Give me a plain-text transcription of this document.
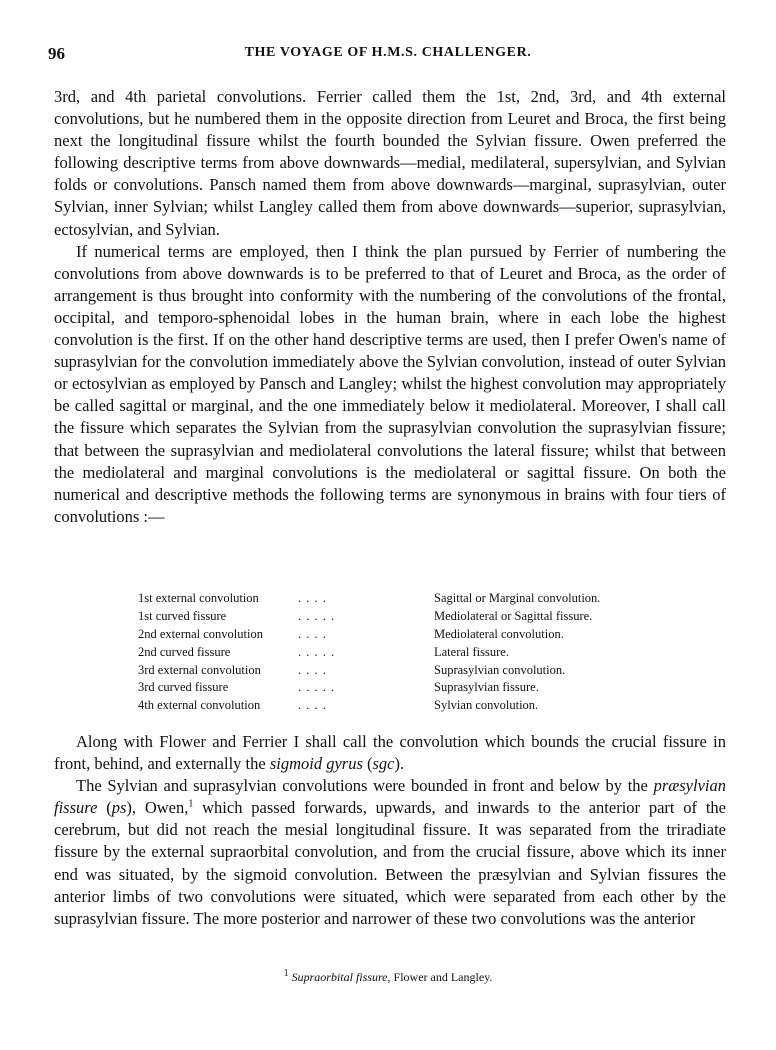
96	THE VOYAGE OF H.M.S. CHALLENGER.

3rd, and 4th parietal convolutions. Ferrier called them the 1st, 2nd, 3rd, and 4th external convolutions, but he numbered them in the opposite direction from Leuret and Broca, the first being next the longitudinal fissure whilst the fourth bounded the Sylvian fissure. Owen preferred the following descriptive terms from above downwards—medial, medilateral, supersylvian, and Sylvian folds or convolutions. Pansch named them from above downwards—marginal, suprasylvian, outer Sylvian, inner Sylvian; whilst Langley called them from above downwards—superior, suprasylvian, ectosylvian, and Sylvian.

If numerical terms are employed, then I think the plan pursued by Ferrier of numbering the convolutions from above downwards is to be preferred to that of Leuret and Broca, as the order of arrangement is thus brought into conformity with the numbering of the convolutions of the frontal, occipital, and temporo-sphenoidal lobes in the human brain, where in each lobe the highest convolution is the first. If on the other hand descriptive terms are used, then I prefer Owen's name of suprasylvian for the convolution immediately above the Sylvian convolution, instead of outer Sylvian or ectosylvian as employed by Pansch and Langley; whilst the highest convolution may appropriately be called sagittal or marginal, and the one immediately below it mediolateral. Moreover, I shall call the fissure which separates the Sylvian from the suprasylvian convolution the suprasylvian fissure; that between the suprasylvian and mediolateral convolutions the lateral fissure; whilst that between the mediolateral and marginal convolutions is the mediolateral or sagittal fissure. On both the numerical and descriptive methods the following terms are synonymous in brains with four tiers of convolutions :—

1st external convolution	. . . .	Sagittal or Marginal convolution.
1st curved fissure	. . . . .	Mediolateral or Sagittal fissure.
2nd external convolution	. . . .	Mediolateral convolution.
2nd curved fissure	. . . . .	Lateral fissure.
3rd external convolution	. . . .	Suprasylvian convolution.
3rd curved fissure	. . . . .	Suprasylvian fissure.
4th external convolution	. . . .	Sylvian convolution.

Along with Flower and Ferrier I shall call the convolution which bounds the crucial fissure in front, behind, and externally the sigmoid gyrus (sgc).

The Sylvian and suprasylvian convolutions were bounded in front and below by the præsylvian fissure (ps), Owen,$^1$ which passed forwards, upwards, and inwards to the anterior part of the cerebrum, but did not reach the mesial longitudinal fissure. It was separated from the triradiate fissure by the external supraorbital convolution, and from the crucial fissure, above which its inner end was situated, by the sigmoid convolution. Between the præsylvian and Sylvian fissures the anterior limbs of two convolutions were situated, which were separated from each other by the suprasylvian fissure. The more posterior and narrower of these two convolutions was the anterior

$^1$ Supraorbital fissure, Flower and Langley.
